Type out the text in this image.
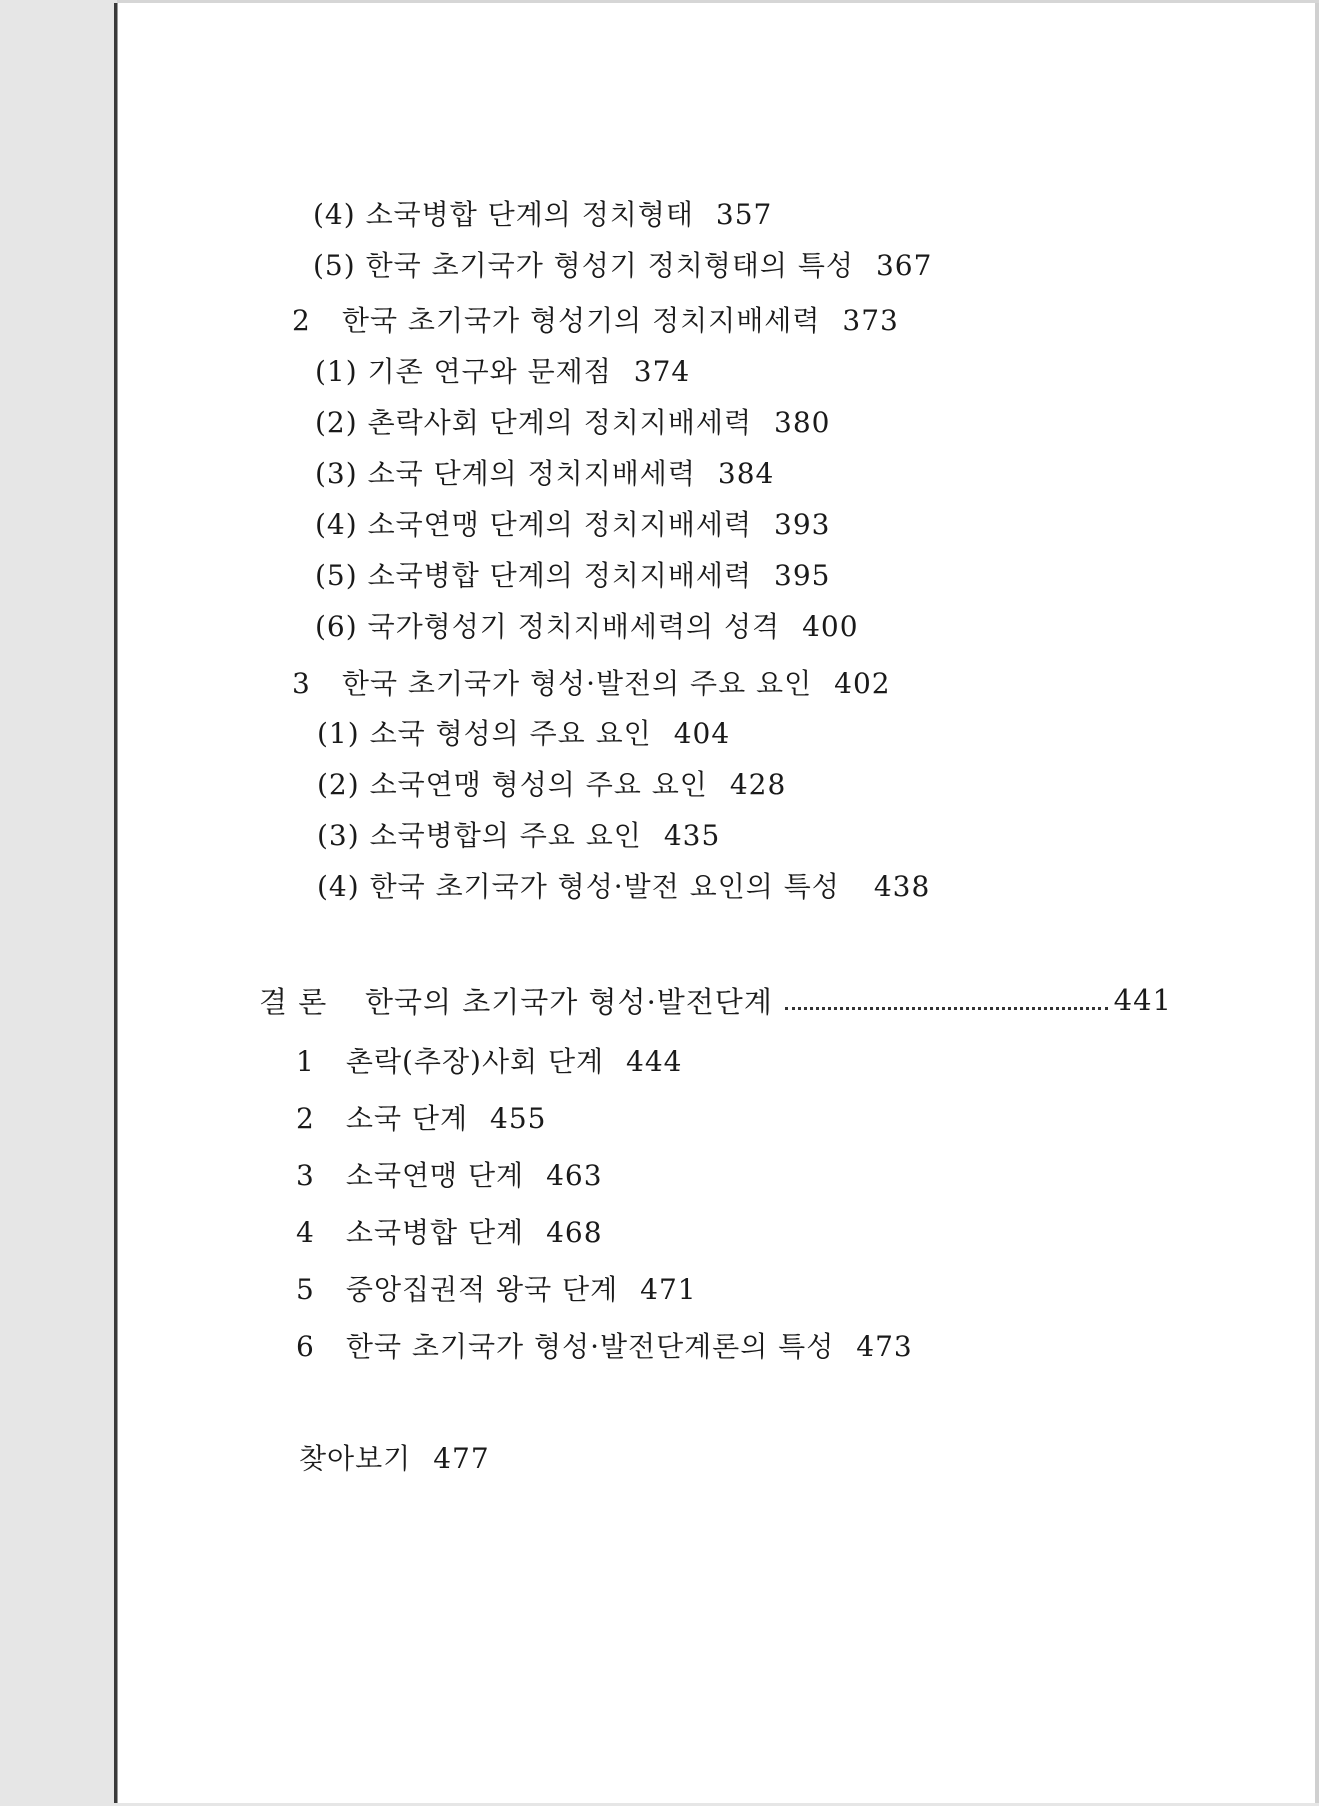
(4) 소국병합 단계의 정치형태 357
(5) 한국 초기국가 형성기 정치형태의 특성 367
2 한국 초기국가 형성기의 정치지배세력 373
(1) 기존 연구와 문제점 374
(2) 촌락사회 단계의 정치지배세력 380
(3) 소국 단계의 정치지배세력 384
(4) 소국연맹 단계의 정치지배세력 393
(5) 소국병합 단계의 정치지배세력 395
(6) 국가형성기 정치지배세력의 성격 400
3 한국 초기국가 형성·발전의 주요 요인 402
(1) 소국 형성의 주요 요인 404
(2) 소국연맹 형성의 주요 요인 428
(3) 소국병합의 주요 요인 435
(4) 한국 초기국가 형성·발전 요인의 특성 438
결 론	한국의 초기국가 형성·발전단계	441
1 촌락(추장)사회 단계 444
2 소국 단계 455
3 소국연맹 단계 463
4 소국병합 단계 468
5 중앙집권적 왕국 단계 471
6 한국 초기국가 형성·발전단계론의 특성 473
찾아보기 477
